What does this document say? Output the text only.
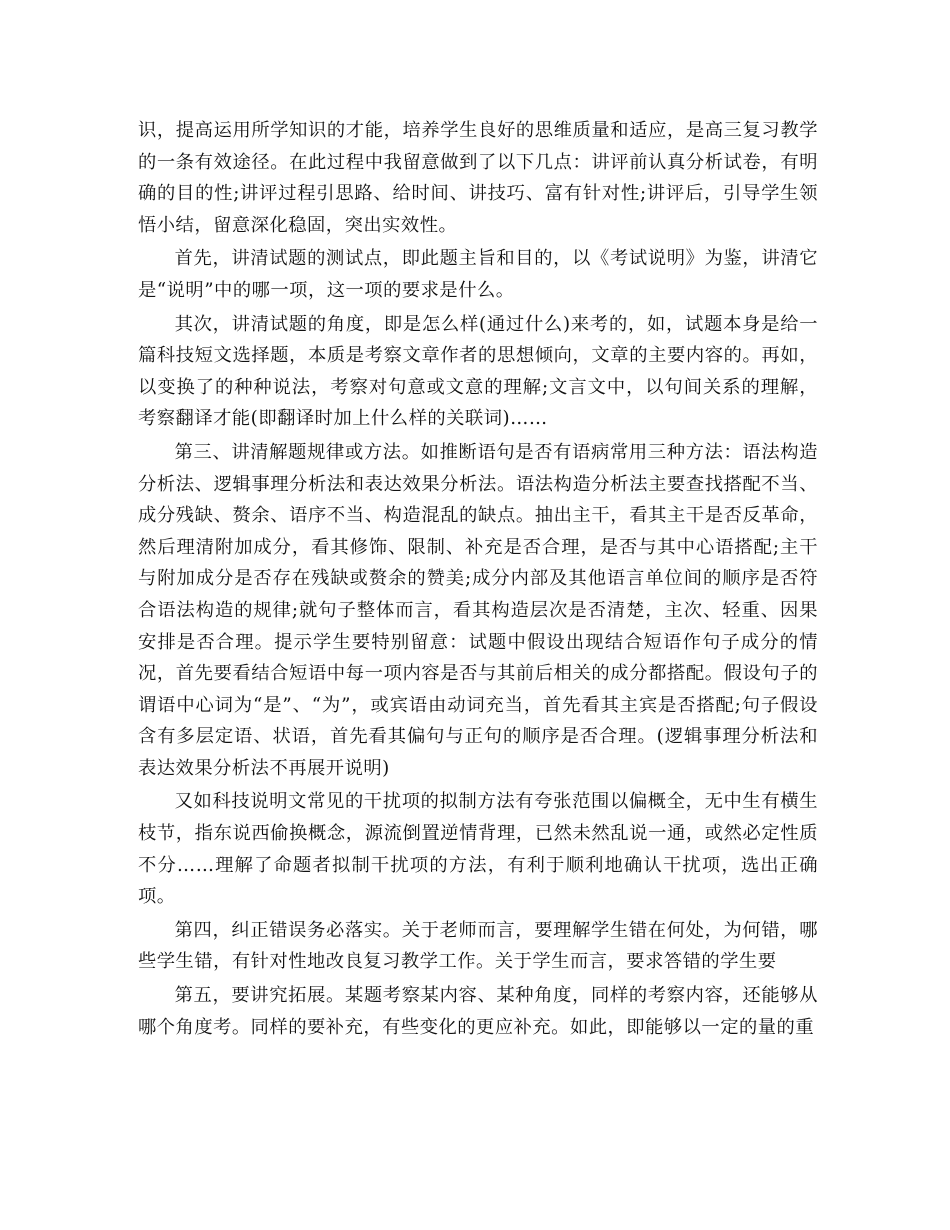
识，提高运用所学知识的才能，培养学生良好的思维质量和适应，是高三复习教学的一条有效途径。在此过程中我留意做到了以下几点：讲评前认真分析试卷，有明确的目的性;讲评过程引思路、给时间、讲技巧、富有针对性;讲评后，引导学生领悟小结，留意深化稳固，突出实效性。

首先，讲清试题的测试点，即此题主旨和目的，以《考试说明》为鉴，讲清它是“说明”中的哪一项，这一项的要求是什么。

其次，讲清试题的角度，即是怎么样(通过什么)来考的，如，试题本身是给一篇科技短文选择题，本质是考察文章作者的思想倾向，文章的主要内容的。再如，以变换了的种种说法，考察对句意或文意的理解;文言文中，以句间关系的理解，考察翻译才能(即翻译时加上什么样的关联词)……

第三、讲清解题规律或方法。如推断语句是否有语病常用三种方法：语法构造分析法、逻辑事理分析法和表达效果分析法。语法构造分析法主要查找搭配不当、成分残缺、赘余、语序不当、构造混乱的缺点。抽出主干，看其主干是否反革命，然后理清附加成分，看其修饰、限制、补充是否合理，是否与其中心语搭配;主干与附加成分是否存在残缺或赘余的赞美;成分内部及其他语言单位间的顺序是否符合语法构造的规律;就句子整体而言，看其构造层次是否清楚，主次、轻重、因果安排是否合理。提示学生要特别留意：试题中假设出现结合短语作句子成分的情况，首先要看结合短语中每一项内容是否与其前后相关的成分都搭配。假设句子的谓语中心词为“是”、“为”，或宾语由动词充当，首先看其主宾是否搭配;句子假设含有多层定语、状语，首先看其偏句与正句的顺序是否合理。(逻辑事理分析法和表达效果分析法不再展开说明)

又如科技说明文常见的干扰项的拟制方法有夸张范围以偏概全，无中生有横生枝节，指东说西偷换概念，源流倒置逆情背理，已然未然乱说一通，或然必定性质不分……理解了命题者拟制干扰项的方法，有利于顺利地确认干扰项，选出正确项。

第四，纠正错误务必落实。关于老师而言，要理解学生错在何处，为何错，哪些学生错，有针对性地改良复习教学工作。关于学生而言，要求答错的学生要

第五，要讲究拓展。某题考察某内容、某种角度，同样的考察内容，还能够从哪个角度考。同样的要补充，有些变化的更应补充。如此，即能够以一定的量的重
